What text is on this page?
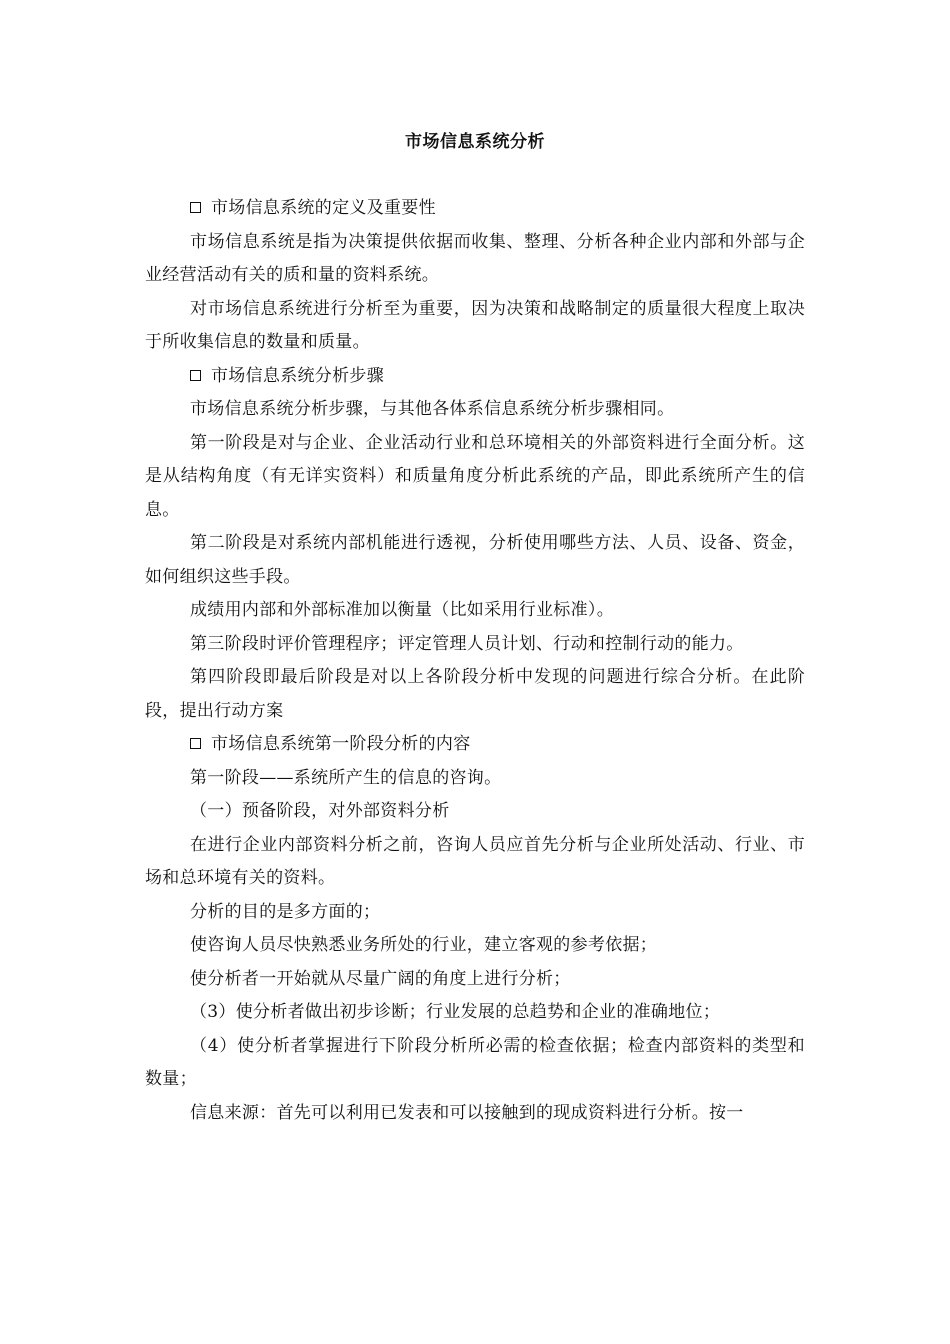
市场信息系统分析

市场信息系统的定义及重要性

市场信息系统是指为决策提供依据而收集、整理、分析各种企业内部和外部与企业经营活动有关的质和量的资料系统。

对市场信息系统进行分析至为重要，因为决策和战略制定的质量很大程度上取决于所收集信息的数量和质量。

市场信息系统分析步骤

市场信息系统分析步骤，与其他各体系信息系统分析步骤相同。

第一阶段是对与企业、企业活动行业和总环境相关的外部资料进行全面分析。这是从结构角度（有无详实资料）和质量角度分析此系统的产品，即此系统所产生的信息。

第二阶段是对系统内部机能进行透视，分析使用哪些方法、人员、设备、资金，如何组织这些手段。

成绩用内部和外部标准加以衡量（比如采用行业标准）。

第三阶段时评价管理程序；评定管理人员计划、行动和控制行动的能力。

第四阶段即最后阶段是对以上各阶段分析中发现的问题进行综合分析。在此阶段，提出行动方案

市场信息系统第一阶段分析的内容

第一阶段——系统所产生的信息的咨询。

（一）预备阶段，对外部资料分析

在进行企业内部资料分析之前，咨询人员应首先分析与企业所处活动、行业、市场和总环境有关的资料。

分析的目的是多方面的；

使咨询人员尽快熟悉业务所处的行业，建立客观的参考依据；

使分析者一开始就从尽量广阔的角度上进行分析；

（3）使分析者做出初步诊断；行业发展的总趋势和企业的准确地位；

（4）使分析者掌握进行下阶段分析所必需的检查依据；检查内部资料的类型和数量；

信息来源：首先可以利用已发表和可以接触到的现成资料进行分析。按一
